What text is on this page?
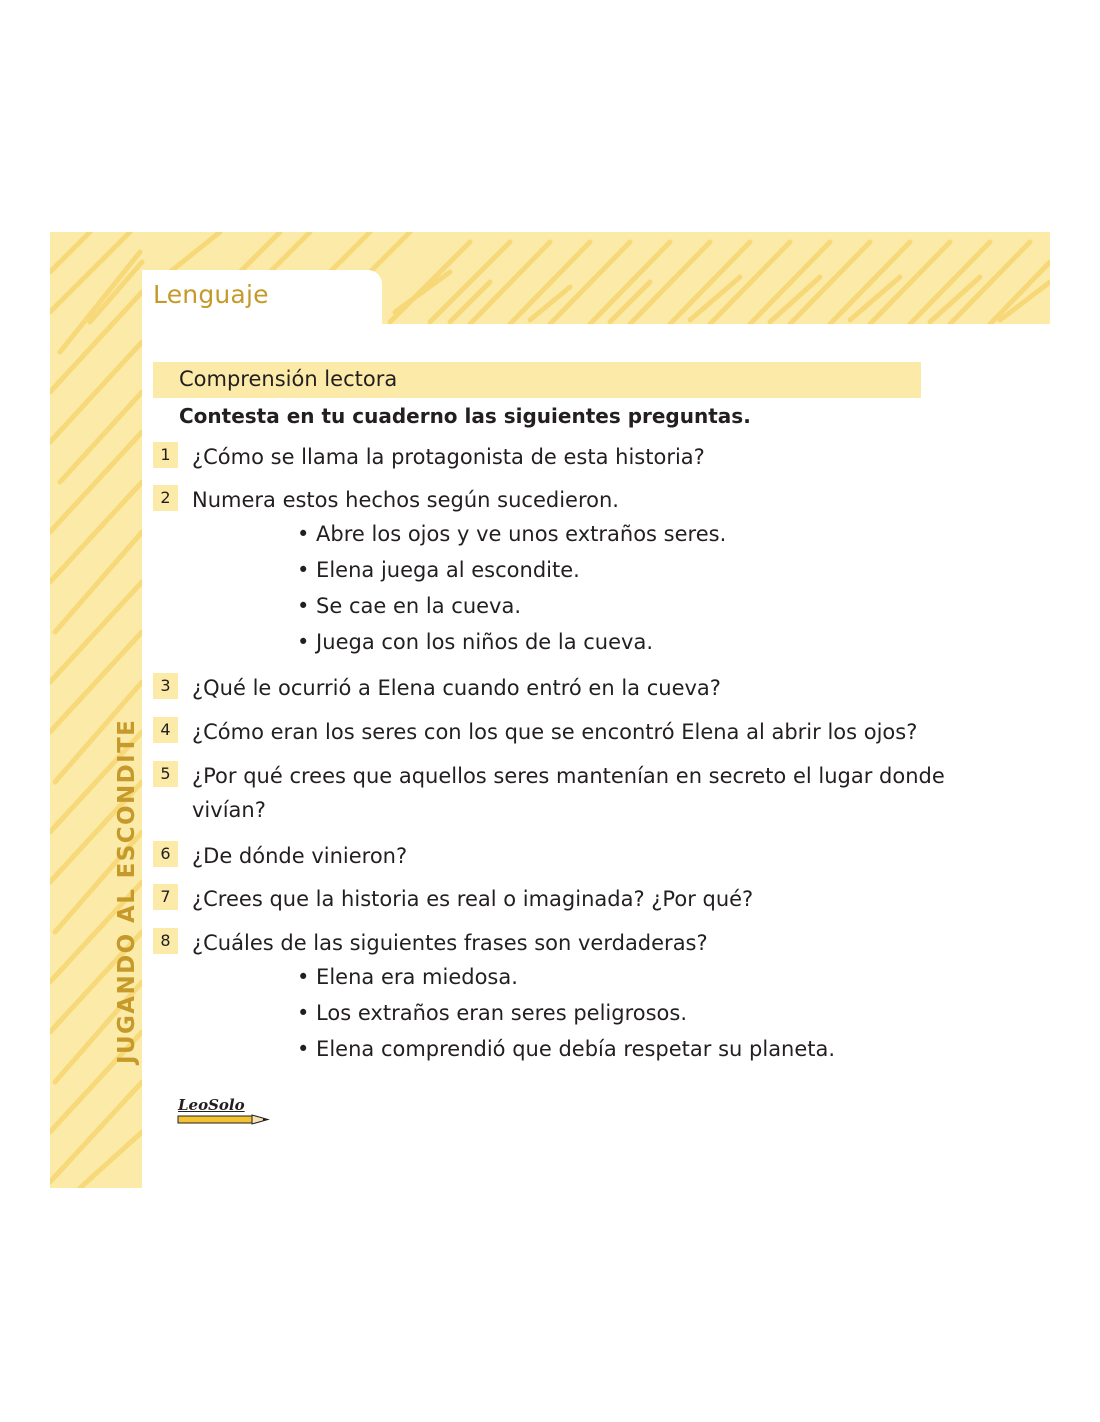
Lenguaje
JUGANDO AL ESCONDITE
Comprensión lectora
Contesta en tu cuaderno las siguientes preguntas.
1	¿Cómo se llama la protagonista de esta historia?
2	Numera estos hechos según sucedieron.
• Abre los ojos y ve unos extraños seres.
• Elena juega al escondite.
• Se cae en la cueva.
• Juega con los niños de la cueva.
3	¿Qué le ocurrió a Elena cuando entró en la cueva?
4	¿Cómo eran los seres con los que se encontró Elena al abrir los ojos?
5	¿Por qué crees que aquellos seres mantenían en secreto el lugar donde
vivían?
6	¿De dónde vinieron?
7	¿Crees que la historia es real o imaginada? ¿Por qué?
8	¿Cuáles de las siguientes frases son verdaderas?
• Elena era miedosa.
• Los extraños eran seres peligrosos.
• Elena comprendió que debía respetar su planeta.
LeoSolo
